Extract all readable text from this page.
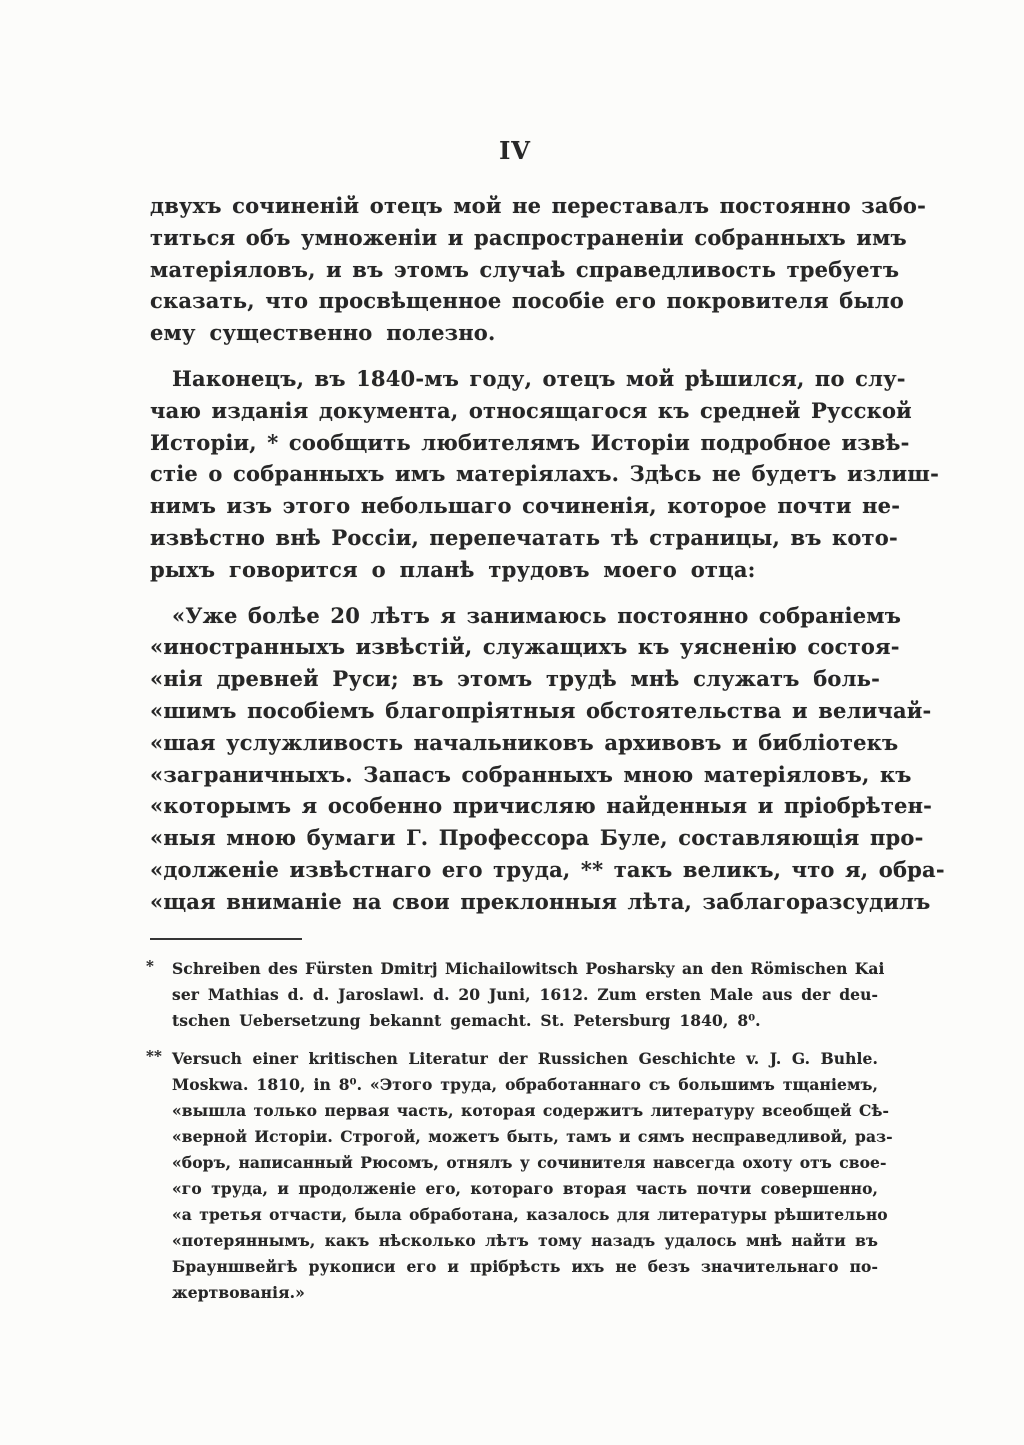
IV
двухъ сочиненій отецъ мой не переставалъ постоянно забо-
титься объ умноженіи и распространеніи собранныхъ имъ
матеріяловъ, и въ этомъ случаѣ справедливость требуетъ
сказать, что просвѣщенное пособіе его покровителя было
ему существенно полезно.
Наконецъ, въ 1840-мъ году, отецъ мой рѣшился, по слу-
чаю изданія документа, относящагося къ средней Русской
Исторіи, * сообщить любителямъ Исторіи подробное извѣ-
стіе о собранныхъ имъ матеріялахъ. Здѣсь не будетъ излиш-
нимъ изъ этого небольшаго сочиненія, которое почти не-
извѣстно внѣ Россіи, перепечатать тѣ страницы, въ кото-
рыхъ говорится о планѣ трудовъ моего отца:
«Уже болѣе 20 лѣтъ я занимаюсь постоянно собраніемъ
«иностранныхъ извѣстій, служащихъ къ уясненію состоя-
«нія древней Руси; въ этомъ трудѣ мнѣ служатъ боль-
«шимъ пособіемъ благопріятныя обстоятельства и величай-
«шая услужливость начальниковъ архивовъ и библіотекъ
«заграничныхъ. Запасъ собранныхъ мною матеріяловъ, къ
«которымъ я особенно причисляю найденныя и пріобрѣтен-
«ныя мною бумаги Г. Профессора Буле, составляющія про-
«долженіе извѣстнаго его труда, ** такъ великъ, что я, обра-
«щая вниманіе на свои преклонныя лѣта, заблагоразсудилъ
*	Schreiben des Fürsten Dmitrj Michailowitsch Posharsky an den Römischen Kai
ser Mathias d. d. Jaroslawl. d. 20 Juni, 1612. Zum ersten Male aus der deu-
tschen Uebersetzung bekannt gemacht. St. Petersburg 1840, 8⁰.
** Versuch einer kritischen Literatur der Russichen Geschichte v. J. G. Buhle.
Moskwa. 1810, in 8⁰. «Этого труда, обработаннаго съ большимъ тщаніемъ,
«вышла только первая часть, которая содержитъ литературу всеобщей Сѣ-
«верной Исторіи. Строгой, можетъ быть, тамъ и сямъ несправедливой, раз-
«боръ, написанный Рюсомъ, отнялъ у сочинителя навсегда охоту отъ свое-
«го труда, и продолженіе его, котораго вторая часть почти совершенно,
«а третья отчасти, была обработана, казалось для литературы рѣшительно
«потеряннымъ, какъ нѣсколько лѣтъ тому назадъ удалось мнѣ найти въ
Брауншвейгѣ рукописи его и прібрѣсть ихъ не безъ значительнаго по-
жертвованія.»
